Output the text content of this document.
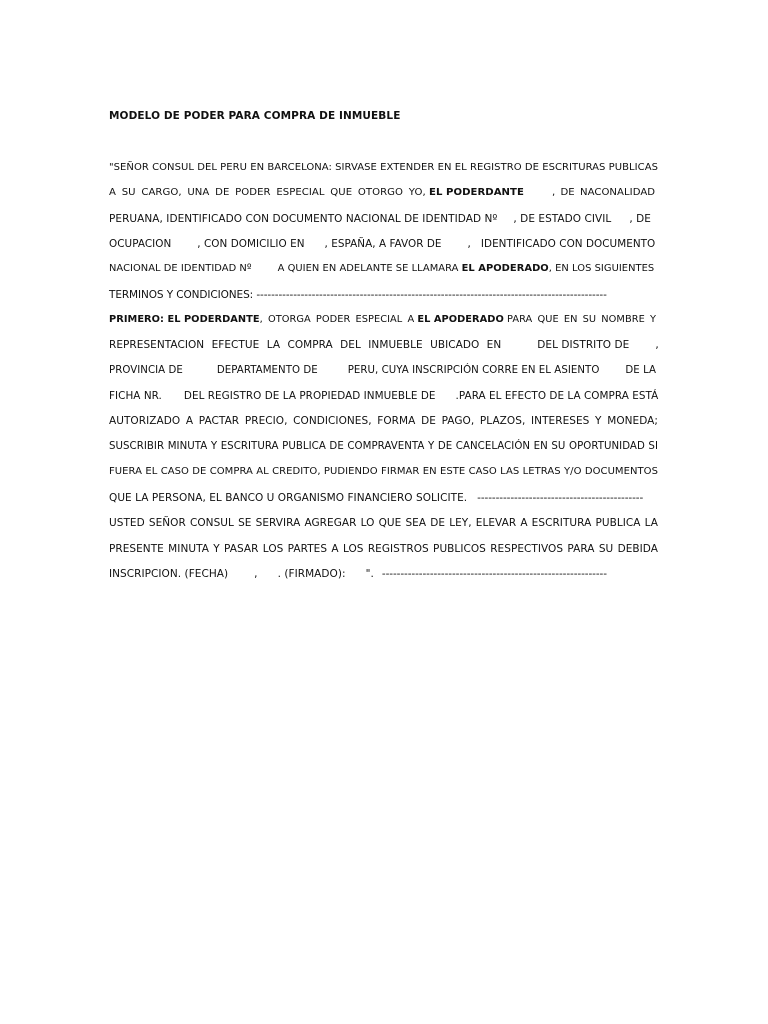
MODELO DE PODER PARA COMPRA DE INMUEBLE
"SEÑOR CONSUL DEL PERU EN BARCELONA: SIRVASE EXTENDER EN EL REGISTRO DE ESCRITURAS PUBLICAS
A SU CARGO, UNA DE PODER ESPECIAL QUE OTORGO YO, EL PODERDANTE	, DE NACONALIDAD
PERUANA, IDENTIFICADO CON DOCUMENTO NACIONAL DE IDENTIDAD Nº , DE ESTADO CIVIL , DE
OCUPACION	, CON DOMICILIO EN , ESPAÑA, A FAVOR DE	, IDENTIFICADO CON DOCUMENTO
NACIONAL DE IDENTIDAD Nº	A QUIEN EN ADELANTE SE LLAMARA EL APODERADO, EN LOS SIGUIENTES
TERMINOS Y CONDICIONES: -----------------------------------------------------------------------------------------------
PRIMERO: EL PODERDANTE, OTORGA PODER ESPECIAL A EL APODERADO PARA QUE EN SU NOMBRE Y
REPRESENTACION EFECTUE LA COMPRA DEL INMUEBLE UBICADO EN	DEL DISTRITO DE ,
PROVINCIA DE	DEPARTAMENTO DE	PERU, CUYA INSCRIPCIÓN CORRE EN EL ASIENTO	DE LA
FICHA NR. DEL REGISTRO DE LA PROPIEDAD INMUEBLE DE .PARA EL EFECTO DE LA COMPRA ESTÁ
AUTORIZADO A PACTAR PRECIO, CONDICIONES, FORMA DE PAGO, PLAZOS, INTERESES Y MONEDA;
SUSCRIBIR MINUTA Y ESCRITURA PUBLICA DE COMPRAVENTA Y DE CANCELACIÓN EN SU OPORTUNIDAD SI
FUERA EL CASO DE COMPRA AL CREDITO, PUDIENDO FIRMAR EN ESTE CASO LAS LETRAS Y/O DOCUMENTOS
QUE LA PERSONA, EL BANCO U ORGANISMO FINANCIERO SOLICITE. ---------------------------------------------
USTED SEÑOR CONSUL SE SERVIRA AGREGAR LO QUE SEA DE LEY, ELEVAR A ESCRITURA PUBLICA LA
PRESENTE MINUTA Y PASAR LOS PARTES A LOS REGISTROS PUBLICOS RESPECTIVOS PARA SU DEBIDA
INSCRIPCION. (FECHA) , . (FIRMADO): ". -------------------------------------------------------------
